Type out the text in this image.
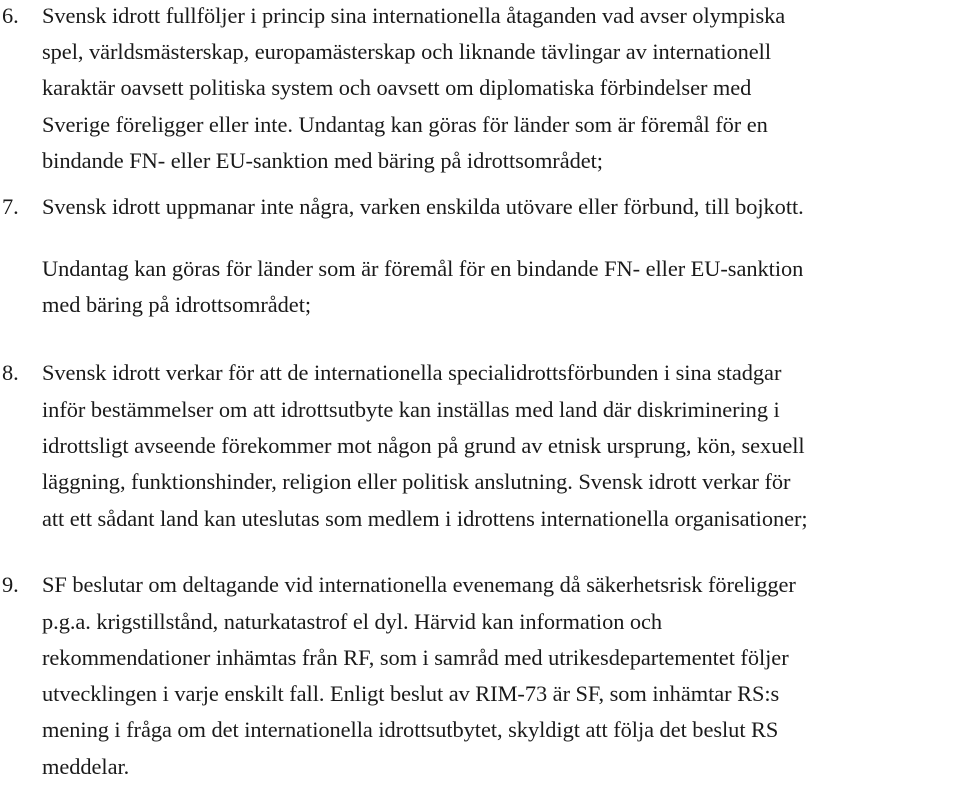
6. Svensk idrott fullföljer i princip sina internationella åtaganden vad avser olympiska
spel, världsmästerskap, europamästerskap och liknande tävlingar av internationell
karaktär oavsett politiska system och oavsett om diplomatiska förbindelser med
Sverige föreligger eller inte. Undantag kan göras för länder som är föremål för en
bindande FN- eller EU-sanktion med bäring på idrottsområdet;
7. Svensk idrott uppmanar inte några, varken enskilda utövare eller förbund, till bojkott.
Undantag kan göras för länder som är föremål för en bindande FN- eller EU-sanktion
med bäring på idrottsområdet;
8. Svensk idrott verkar för att de internationella specialidrottsförbunden i sina stadgar
inför bestämmelser om att idrottsutbyte kan inställas med land där diskriminering i
idrottsligt avseende förekommer mot någon på grund av etnisk ursprung, kön, sexuell
läggning, funktionshinder, religion eller politisk anslutning. Svensk idrott verkar för
att ett sådant land kan uteslutas som medlem i idrottens internationella organisationer;
9. SF beslutar om deltagande vid internationella evenemang då säkerhetsrisk föreligger
p.g.a. krigstillstånd, naturkatastrof el dyl. Härvid kan information och
rekommendationer inhämtas från RF, som i samråd med utrikesdepartementet följer
utvecklingen i varje enskilt fall. Enligt beslut av RIM-73 är SF, som inhämtar RS:s
mening i fråga om det internationella idrottsutbytet, skyldigt att följa det beslut RS
meddelar.
